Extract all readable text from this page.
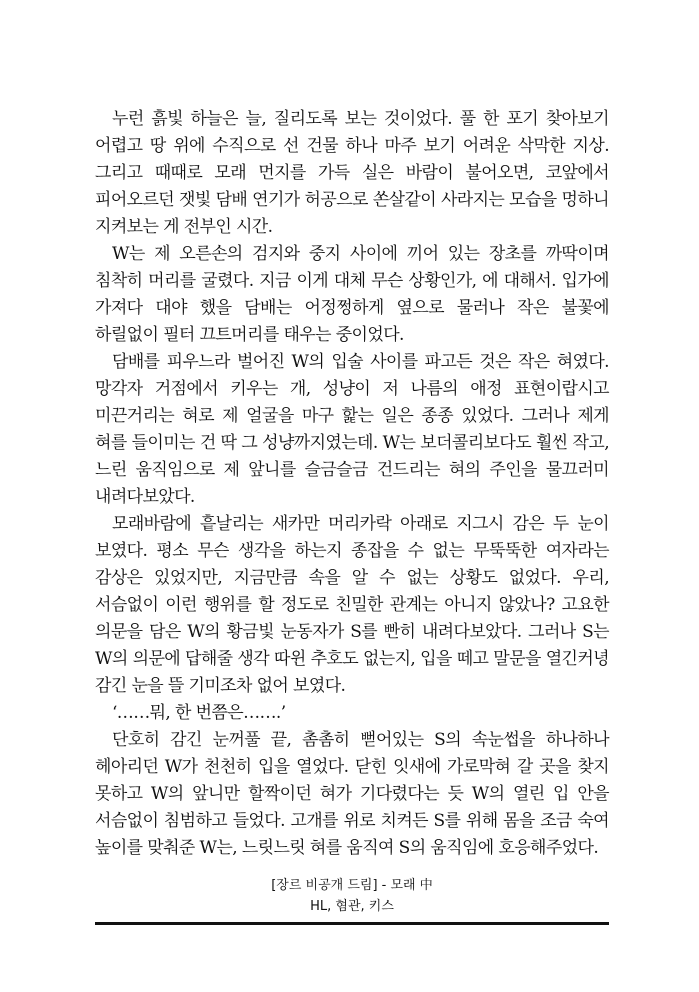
누런 흙빛 하늘은 늘, 질리도록 보는 것이었다. 풀 한 포기 찾아보기 어렵고 땅 위에 수직으로 선 건물 하나 마주 보기 어려운 삭막한 지상. 그리고 때때로 모래 먼지를 가득 실은 바람이 불어오면, 코앞에서 피어오르던 잿빛 담배 연기가 허공으로 쏜살같이 사라지는 모습을 멍하니 지켜보는 게 전부인 시간.

W는 제 오른손의 검지와 중지 사이에 끼어 있는 장초를 까딱이며 침착히 머리를 굴렸다. 지금 이게 대체 무슨 상황인가, 에 대해서. 입가에 가져다 대야 했을 담배는 어정쩡하게 옆으로 물러나 작은 불꽃에 하릴없이 필터 끄트머리를 태우는 중이었다.

담배를 피우느라 벌어진 W의 입술 사이를 파고든 것은 작은 혀였다. 망각자 거점에서 키우는 개, 성냥이 저 나름의 애정 표현이랍시고 미끈거리는 혀로 제 얼굴을 마구 핥는 일은 종종 있었다. 그러나 제게 혀를 들이미는 건 딱 그 성냥까지였는데. W는 보더콜리보다도 훨씬 작고, 느린 움직임으로 제 앞니를 슬금슬금 건드리는 혀의 주인을 물끄러미 내려다보았다.

모래바람에 흩날리는 새카만 머리카락 아래로 지그시 감은 두 눈이 보였다. 평소 무슨 생각을 하는지 종잡을 수 없는 무뚝뚝한 여자라는 감상은 있었지만, 지금만큼 속을 알 수 없는 상황도 없었다. 우리, 서슴없이 이런 행위를 할 정도로 친밀한 관계는 아니지 않았나? 고요한 의문을 담은 W의 황금빛 눈동자가 S를 빤히 내려다보았다. 그러나 S는 W의 의문에 답해줄 생각 따윈 추호도 없는지, 입을 떼고 말문을 열긴커녕 감긴 눈을 뜰 기미조차 없어 보였다.

‘……뭐, 한 번쯤은…….’

단호히 감긴 눈꺼풀 끝, 촘촘히 뻗어있는 S의 속눈썹을 하나하나 헤아리던 W가 천천히 입을 열었다. 닫힌 잇새에 가로막혀 갈 곳을 찾지 못하고 W의 앞니만 할짝이던 혀가 기다렸다는 듯 W의 열린 입 안을 서슴없이 침범하고 들었다. 고개를 위로 치켜든 S를 위해 몸을 조금 숙여 높이를 맞춰준 W는, 느릿느릿 혀를 움직여 S의 움직임에 호응해주었다.

[장르 비공개 드림] - 모래 中
HL, 혐관, 키스
